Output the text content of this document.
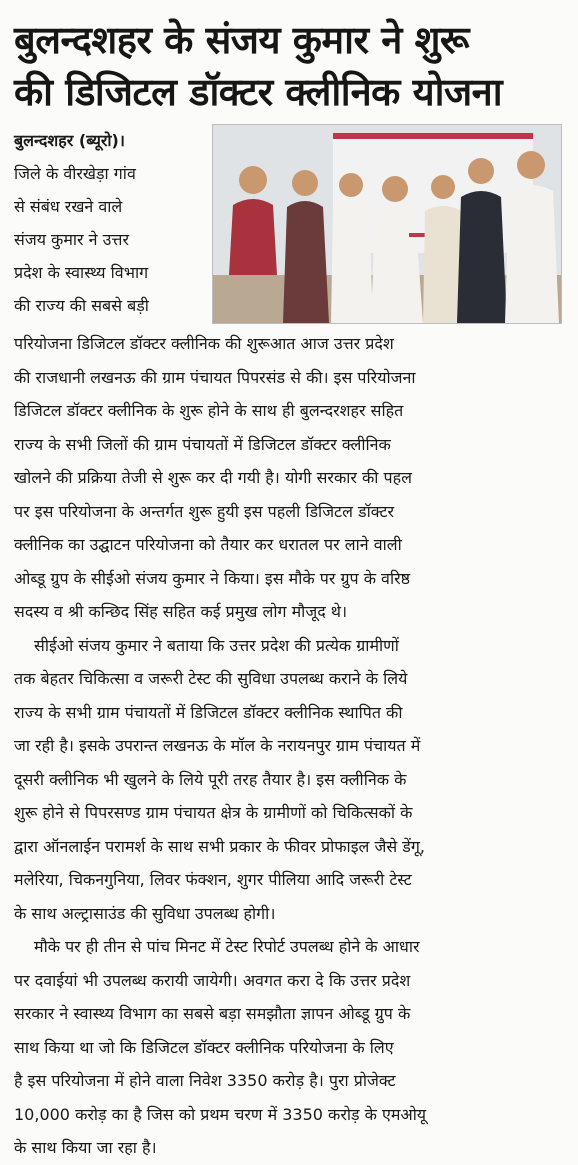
बुलन्दशहर के संजय कुमार ने शुरू
की डिजिटल डॉक्टर क्लीनिक योजना
बुलन्दशहर (ब्यूरो)।
जिले के वीरखेड़ा गांव
से संबंध रखने वाले
संजय कुमार ने उत्तर
प्रदेश के स्वास्थ्य विभाग
की राज्य की सबसे बड़ी

परियोजना डिजिटल डॉक्टर क्लीनिक की शुरूआत आज उत्तर प्रदेश
की राजधानी लखनऊ की ग्राम पंचायत पिपरसंड से की। इस परियोजना
डिजिटल डॉक्टर क्लीनिक के शुरू होने के साथ ही बुलन्दरशहर सहित
राज्य के सभी जिलों की ग्राम पंचायतों में डिजिटल डॉक्टर क्लीनिक
खोलने की प्रक्रिया तेजी से शुरू कर दी गयी है। योगी सरकार की पहल
पर इस परियोजना के अन्तर्गत शुरू हुयी इस पहली डिजिटल डॉक्टर
क्लीनिक का उद्घाटन परियोजना को तैयार कर धरातल पर लाने वाली
ओब्डू ग्रुप के सीईओ संजय कुमार ने किया। इस मौके पर ग्रुप के वरिष्ठ
सदस्य व श्री कन्छिद सिंह सहित कई प्रमुख लोग मौजूद थे।

सीईओ संजय कुमार ने बताया कि उत्तर प्रदेश की प्रत्येक ग्रामीणों
तक बेहतर चिकित्सा व जरूरी टेस्ट की सुविधा उपलब्ध कराने के लिये
राज्य के सभी ग्राम पंचायतों में डिजिटल डॉक्टर क्लीनिक स्थापित की
जा रही है। इसके उपरान्त लखनऊ के मॉल के नरायनपुर ग्राम पंचायत में
दूसरी क्लीनिक भी खुलने के लिये पूरी तरह तैयार है। इस क्लीनिक के
शुरू होने से पिपरसण्ड ग्राम पंचायत क्षेत्र के ग्रामीणों को चिकित्सकों के
द्वारा ऑनलाईन परामर्श के साथ सभी प्रकार के फीवर प्रोफाइल जैसे डेंगू,
मलेरिया, चिकनगुनिया, लिवर फंक्शन, शुगर पीलिया आदि जरूरी टेस्ट
के साथ अल्ट्रासाउंड की सुविधा उपलब्ध होगी।

मौके पर ही तीन से पांच मिनट में टेस्ट रिपोर्ट उपलब्ध होने के आधार
पर दवाईयां भी उपलब्ध करायी जायेगी। अवगत करा दे कि उत्तर प्रदेश
सरकार ने स्वास्थ्य विभाग का सबसे बड़ा समझौता ज्ञापन ओब्डू ग्रुप के
साथ किया था जो कि डिजिटल डॉक्टर क्लीनिक परियोजना के लिए
है इस परियोजना में होने वाला निवेश 3350 करोड़ है। पुरा प्रोजेक्ट
10,000 करोड़ का है जिस को प्रथम चरण में 3350 करोड़ के एमओयू
के साथ किया जा रहा है।
